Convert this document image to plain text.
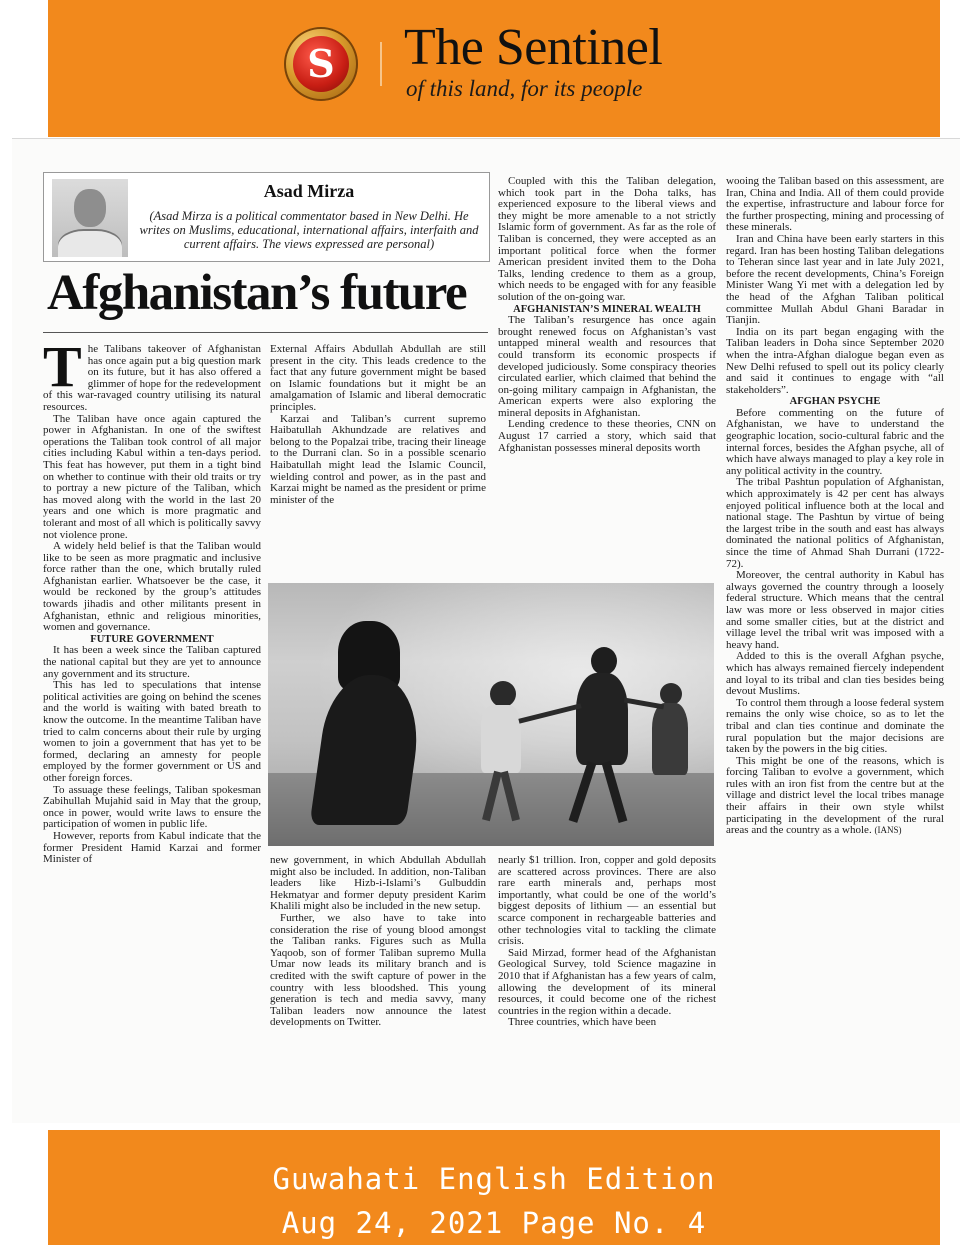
S The Sentinel
of this land, for its people
Asad Mirza
(Asad Mirza is a political commentator based in New Delhi. He writes on Muslims, educational, international affairs, interfaith and current affairs. The views expressed are personal)
Afghanistan’s future
T he Talibans takeover of Afghanistan has once again put a big question mark on its future, but it has also offered a glimmer of hope for the redevelopment of this war-ravaged country utilising its natural resources.

The Taliban have once again captured the power in Afghanistan. In one of the swiftest operations the Taliban took control of all major cities including Kabul within a ten-days period. This feat has however, put them in a tight bind on whether to continue with their old traits or try to portray a new picture of the Taliban, which has moved along with the world in the last 20 years and one which is more pragmatic and tolerant and most of all which is politically savvy not violence prone.

A widely held belief is that the Taliban would like to be seen as more pragmatic and inclusive force rather than the one, which brutally ruled Afghanistan earlier. Whatsoever be the case, it would be reckoned by the group’s attitudes towards jihadis and other militants present in Afghanistan, ethnic and religious minorities, women and governance.

FUTURE GOVERNMENT

It has been a week since the Taliban captured the national capital but they are yet to announce any government and its structure.

This has led to speculations that intense political activities are going on behind the scenes and the world is waiting with bated breath to know the outcome. In the meantime Taliban have tried to calm concerns about their rule by urging women to join a government that has yet to be formed, declaring an amnesty for people employed by the former government or US and other foreign forces.

To assuage these feelings, Taliban spokesman Zabihullah Mujahid said in May that the group, once in power, would write laws to ensure the participation of women in public life.

However, reports from Kabul indicate that the former President Hamid Karzai and former Minister of

External Affairs Abdullah Abdullah are still present in the city. This leads credence to the fact that any future government might be based on Islamic foundations but it might be an amalgamation of Islamic and liberal democratic principles.

Karzai and Taliban’s current supremo Haibatullah Akhundzade are relatives and belong to the Popalzai tribe, tracing their lineage to the Durrani clan. So in a possible scenario Haibatullah might lead the Islamic Council, wielding control and power, as in the past and Karzai might be named as the president or prime minister of the

Coupled with this the Taliban delegation, which took part in the Doha talks, has experienced exposure to the liberal views and they might be more amenable to a not strictly Islamic form of government. As far as the role of Taliban is concerned, they were accepted as an important political force when the former American president invited them to the Doha Talks, lending credence to them as a group, which needs to be engaged with for any feasible solution of the on-going war.

AFGHANISTAN’S MINERAL WEALTH

The Taliban’s resurgence has once again brought renewed focus on Afghanistan’s vast untapped mineral wealth and resources that could transform its economic prospects if developed judiciously. Some conspiracy theories circulated earlier, which claimed that behind the on-going military campaign in Afghanistan, the American experts were also exploring the mineral deposits in Afghanistan.

Lending credence to these theories, CNN on August 17 carried a story, which said that Afghanistan possesses mineral deposits worth

new government, in which Abdullah Abdullah might also be included. In addition, non-Taliban leaders like Hizb-i-Islami’s Gulbuddin Hekmatyar and former deputy president Karim Khalili might also be included in the new setup.

Further, we also have to take into consideration the rise of young blood amongst the Taliban ranks. Figures such as Mulla Yaqoob, son of former Taliban supremo Mulla Umar now leads its military branch and is credited with the swift capture of power in the country with less bloodshed. This young generation is tech and media savvy, many Taliban leaders now announce the latest developments on Twitter.

nearly $1 trillion. Iron, copper and gold deposits are scattered across provinces. There are also rare earth minerals and, perhaps most importantly, what could be one of the world’s biggest deposits of lithium — an essential but scarce component in rechargeable batteries and other technologies vital to tackling the climate crisis.

Said Mirzad, former head of the Afghanistan Geological Survey, told Science magazine in 2010 that if Afghanistan has a few years of calm, allowing the development of its mineral resources, it could become one of the richest countries in the region within a decade.

Three countries, which have been

wooing the Taliban based on this assessment, are Iran, China and India. All of them could provide the expertise, infrastructure and labour force for the further prospecting, mining and processing of these minerals.

Iran and China have been early starters in this regard. Iran has been hosting Taliban delegations to Teheran since last year and in late July 2021, before the recent developments, China’s Foreign Minister Wang Yi met with a delegation led by the head of the Afghan Taliban political committee Mullah Abdul Ghani Baradar in Tianjin.

India on its part began engaging with the Taliban leaders in Doha since September 2020 when the intra-Afghan dialogue began even as New Delhi refused to spell out its policy clearly and said it continues to engage with “all stakeholders”.

AFGHAN PSYCHE

Before commenting on the future of Afghanistan, we have to understand the geographic location, socio-cultural fabric and the internal forces, besides the Afghan psyche, all of which have always managed to play a key role in any political activity in the country.

The tribal Pashtun population of Afghanistan, which approximately is 42 per cent has always enjoyed political influence both at the local and national stage. The Pashtun by virtue of being the largest tribe in the south and east has always dominated the national politics of Afghanistan, since the time of Ahmad Shah Durrani (1722-72).

Moreover, the central authority in Kabul has always governed the country through a loosely federal structure. Which means that the central law was more or less observed in major cities and some smaller cities, but at the district and village level the tribal writ was imposed with a heavy hand.

Added to this is the overall Afghan psyche, which has always remained fiercely independent and loyal to its tribal and clan ties besides being devout Muslims.

To control them through a loose federal system remains the only wise choice, so as to let the tribal and clan ties continue and dominate the rural population but the major decisions are taken by the powers in the big cities.

This might be one of the reasons, which is forcing Taliban to evolve a government, which rules with an iron fist from the centre but at the village and district level the local tribes manage their affairs in their own style whilst participating in the development of the rural areas and the country as a whole. (IANS)

Guwahati English Edition
Aug 24, 2021 Page No. 4
